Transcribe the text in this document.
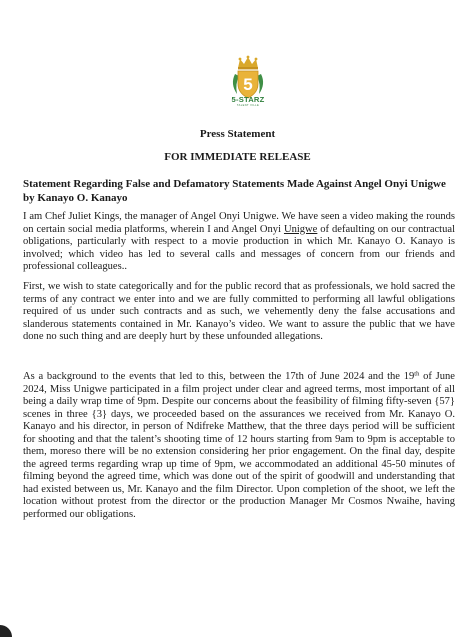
5
5-STARZ
TALENT VILLE
Press Statement
FOR IMMEDIATE RELEASE
Statement Regarding False and Defamatory Statements Made Against Angel Onyi Unigwe by Kanayo O. Kanayo

I am Chef Juliet Kings, the manager of Angel Onyi Unigwe. We have seen a video making the rounds on certain social media platforms, wherein I and Angel Onyi Unigwe of defaulting on our contractual obligations, particularly with respect to a movie production in which Mr. Kanayo O. Kanayo is involved; which video has led to several calls and messages of concern from our friends and professional colleagues..

First, we wish to state categorically and for the public record that as professionals, we hold sacred the terms of any contract we enter into and we are fully committed to performing all lawful obligations required of us under such contracts and as such, we vehemently deny the false accusations and slanderous statements contained in Mr. Kanayo’s video. We want to assure the public that we have done no such thing and are deeply hurt by these unfounded allegations.

As a background to the events that led to this, between the 17th of June 2024 and the 19th of June 2024, Miss Unigwe participated in a film project under clear and agreed terms, most important of all being a daily wrap time of 9pm. Despite our concerns about the feasibility of filming fifty-seven {57} scenes in three {3} days, we proceeded based on the assurances we received from Mr. Kanayo O. Kanayo and his director, in person of Ndifreke Matthew, that the three days period will be sufficient for shooting and that the talent’s shooting time of 12 hours starting from 9am to 9pm is acceptable to them, moreso there will be no extension considering her prior engagement. On the final day, despite the agreed terms regarding wrap up time of 9pm, we accommodated an additional 45-50 minutes of filming beyond the agreed time, which was done out of the spirit of goodwill and understanding that had existed between us, Mr. Kanayo and the film Director. Upon completion of the shoot, we left the location without protest from the director or the production Manager Mr Cosmos Nwaihe, having performed our obligations.
